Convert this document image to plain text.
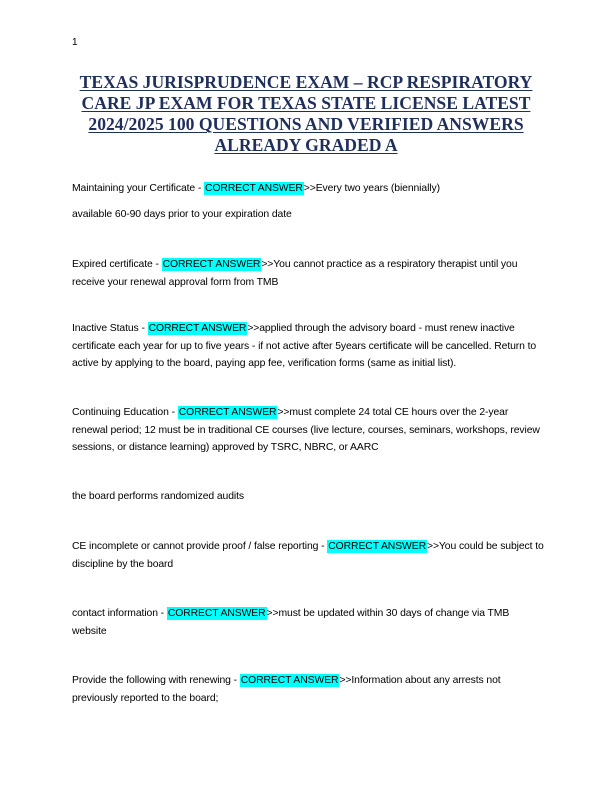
1
TEXAS JURISPRUDENCE EXAM – RCP RESPIRATORY CARE JP EXAM FOR TEXAS STATE LICENSE LATEST 2024/2025 100 QUESTIONS AND VERIFIED ANSWERS ALREADY GRADED A

Maintaining your Certificate - CORRECT ANSWER>>Every two years (biennially)

available 60-90 days prior to your expiration date

Expired certificate - CORRECT ANSWER>>You cannot practice as a respiratory therapist until you receive your renewal approval form from TMB

Inactive Status - CORRECT ANSWER>>applied through the advisory board - must renew inactive certificate each year for up to five years - if not active after 5years certificate will be cancelled. Return to active by applying to the board, paying app fee, verification forms (same as initial list).

Continuing Education - CORRECT ANSWER>>must complete 24 total CE hours over the 2-year renewal period; 12 must be in traditional CE courses (live lecture, courses, seminars, workshops, review sessions, or distance learning) approved by TSRC, NBRC, or AARC

the board performs randomized audits

CE incomplete or cannot provide proof / false reporting - CORRECT ANSWER>>You could be subject to discipline by the board

contact information - CORRECT ANSWER>>must be updated within 30 days of change via TMB website

Provide the following with renewing - CORRECT ANSWER>>Information about any arrests not previously reported to the board;
